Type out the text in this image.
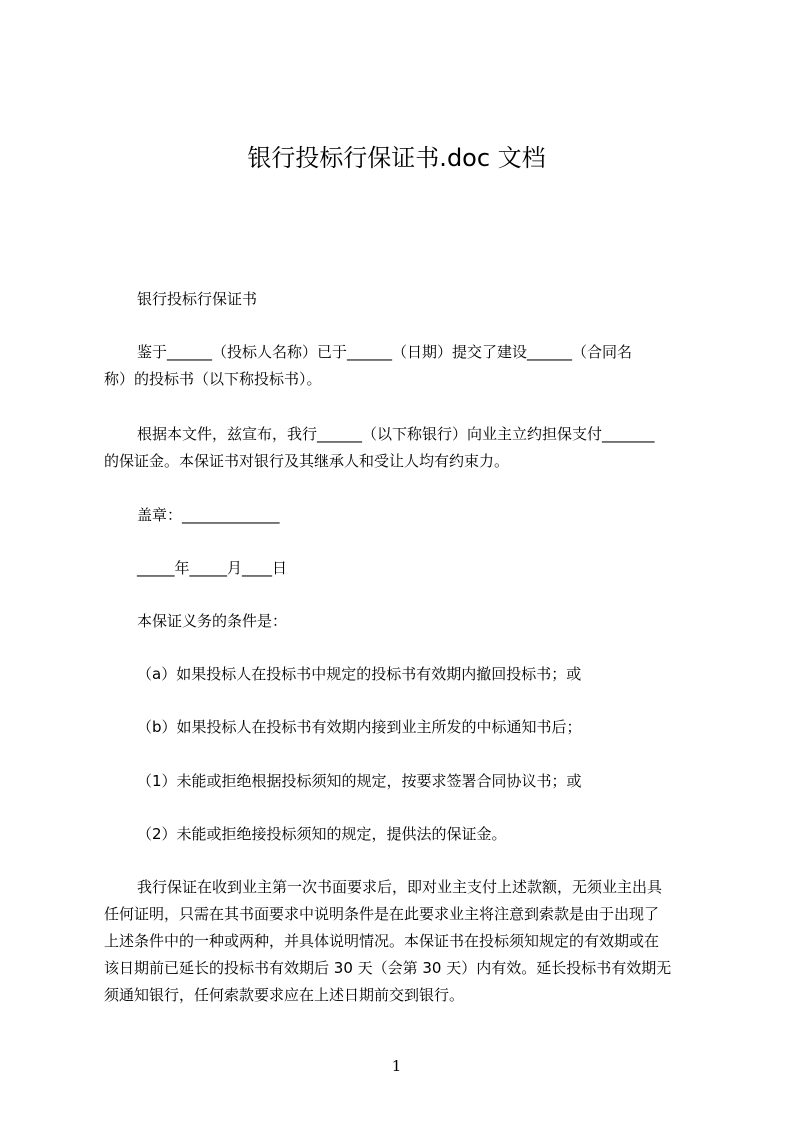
银行投标行保证书.doc 文档

银行投标行保证书

鉴于______（投标人名称）已于______（日期）提交了建设______（合同名
称）的投标书（以下称投标书）。
根据本文件，兹宣布，我行______（以下称银行）向业主立约担保支付_______
的保证金。本保证书对银行及其继承人和受让人均有约束力。

盖章：_____________

_____年_____月____日

本保证义务的条件是：

（a）如果投标人在投标书中规定的投标书有效期内撤回投标书；或

（b）如果投标人在投标书有效期内接到业主所发的中标通知书后；

（1）未能或拒绝根据投标须知的规定，按要求签署合同协议书；或

（2）未能或拒绝接投标须知的规定，提供法的保证金。

我行保证在收到业主第一次书面要求后，即对业主支付上述款额，无须业主出具
任何证明，只需在其书面要求中说明条件是在此要求业主将注意到索款是由于出现了
上述条件中的一种或两种，并具体说明情况。本保证书在投标须知规定的有效期或在
该日期前已延长的投标书有效期后 30 天（会第 30 天）内有效。延长投标书有效期无
须通知银行，任何索款要求应在上述日期前交到银行。
1
